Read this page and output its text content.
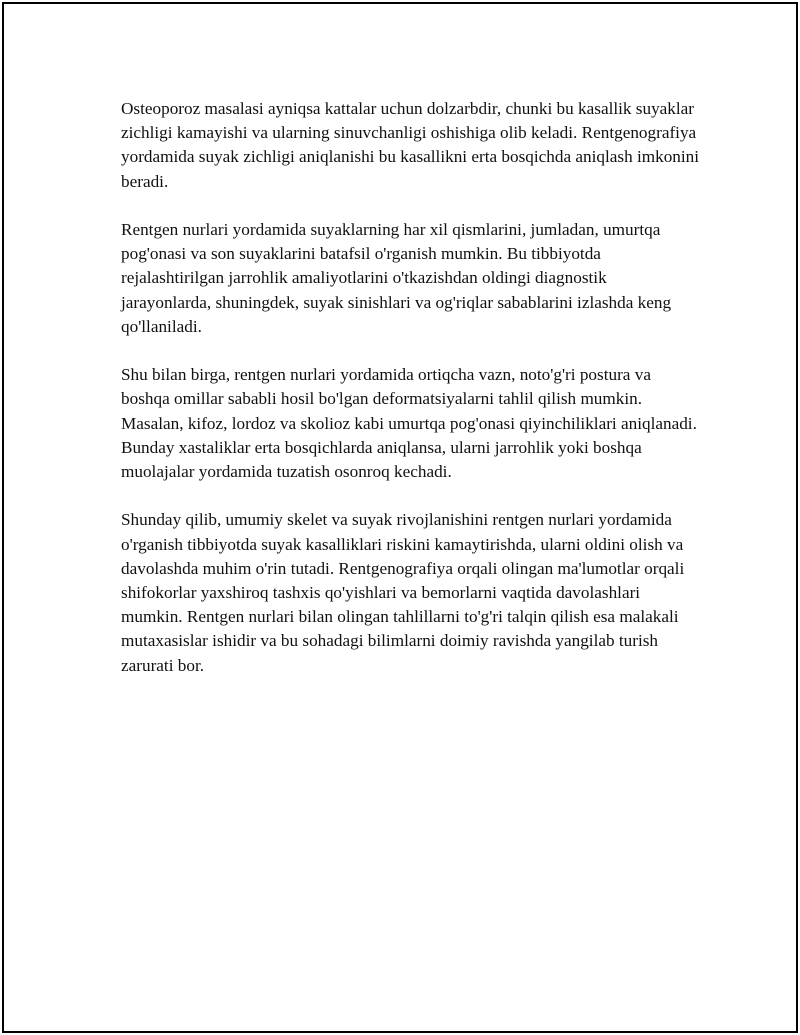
Osteoporoz masalasi ayniqsa kattalar uchun dolzarbdir, chunki bu kasallik suyaklar zichligi kamayishi va ularning sinuvchanligi oshishiga olib keladi. Rentgenografiya yordamida suyak zichligi aniqlanishi bu kasallikni erta bosqichda aniqlash imkonini beradi.

Rentgen nurlari yordamida suyaklarning har xil qismlarini, jumladan, umurtqa pog'onasi va son suyaklarini batafsil o'rganish mumkin. Bu tibbiyotda rejalashtirilgan jarrohlik amaliyotlarini o'tkazishdan oldingi diagnostik jarayonlarda, shuningdek, suyak sinishlari va og'riqlar sabablarini izlashda keng qo'llaniladi.

Shu bilan birga, rentgen nurlari yordamida ortiqcha vazn, noto'g'ri postura va boshqa omillar sababli hosil bo'lgan deformatsiyalarni tahlil qilish mumkin. Masalan, kifoz, lordoz va skolioz kabi umurtqa pog'onasi qiyinchiliklari aniqlanadi. Bunday xastaliklar erta bosqichlarda aniqlansa, ularni jarrohlik yoki boshqa muolajalar yordamida tuzatish osonroq kechadi.

Shunday qilib, umumiy skelet va suyak rivojlanishini rentgen nurlari yordamida o'rganish tibbiyotda suyak kasalliklari riskini kamaytirishda, ularni oldini olish va davolashda muhim o'rin tutadi. Rentgenografiya orqali olingan ma'lumotlar orqali shifokorlar yaxshiroq tashxis qo'yishlari va bemorlarni vaqtida davolashlari mumkin. Rentgen nurlari bilan olingan tahlillarni to'g'ri talqin qilish esa malakali mutaxasislar ishidir va bu sohadagi bilimlarni doimiy ravishda yangilab turish zarurati bor.
